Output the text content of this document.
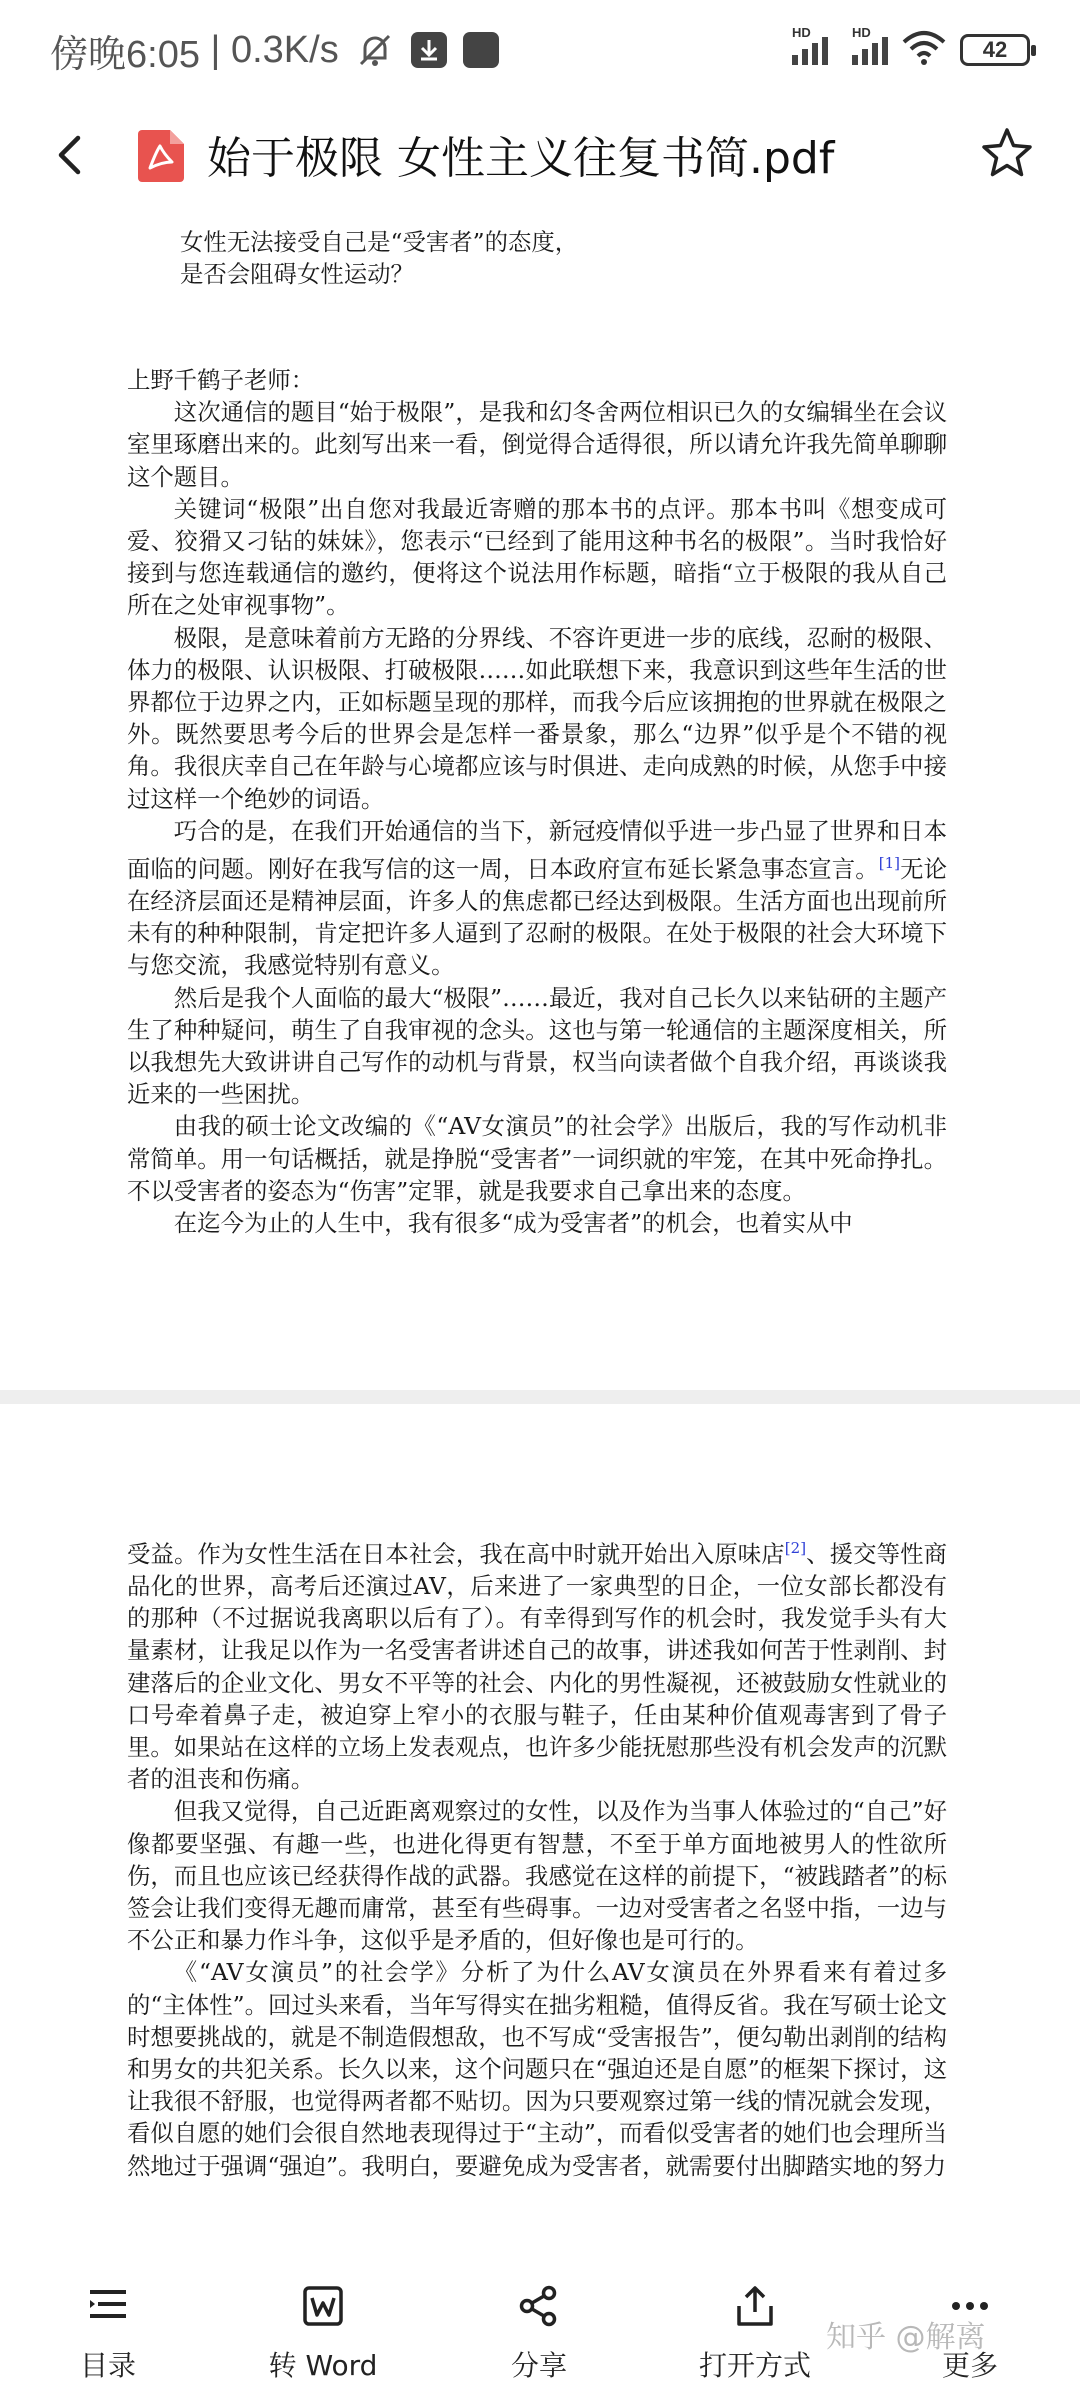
傍晚6:05 | 0.3K/s	HD	HD
42
始于极限 女性主义往复书简.pdf
女性无法接受自己是“受害者”的态度，
是否会阻碍女性运动？

上野千鹤子老师：

这次通信的题目“始于极限”，是我和幻冬舍两位相识已久的女编辑坐在会议室里琢磨出来的。此刻写出来一看，倒觉得合适得很，所以请允许我先简单聊聊这个题目。

关键词“极限”出自您对我最近寄赠的那本书的点评。那本书叫《想变成可爱、狡猾又刁钻的妹妹》，您表示“已经到了能用这种书名的极限”。当时我恰好接到与您连载通信的邀约，便将这个说法用作标题，暗指“立于极限的我从自己所在之处审视事物”。

极限，是意味着前方无路的分界线、不容许更进一步的底线，忍耐的极限、体力的极限、认识极限、打破极限……如此联想下来，我意识到这些年生活的世界都位于边界之内，正如标题呈现的那样，而我今后应该拥抱的世界就在极限之外。既然要思考今后的世界会是怎样一番景象，那么“边界”似乎是个不错的视角。我很庆幸自己在年龄与心境都应该与时俱进、走向成熟的时候，从您手中接过这样一个绝妙的词语。

巧合的是，在我们开始通信的当下，新冠疫情似乎进一步凸显了世界和日本面临的问题。刚好在我写信的这一周，日本政府宣布延长紧急事态宣言。[1]无论在经济层面还是精神层面，许多人的焦虑都已经达到极限。生活方面也出现前所未有的种种限制，肯定把许多人逼到了忍耐的极限。在处于极限的社会大环境下与您交流，我感觉特别有意义。

然后是我个人面临的最大“极限”……最近，我对自己长久以来钻研的主题产生了种种疑问，萌生了自我审视的念头。这也与第一轮通信的主题深度相关，所以我想先大致讲讲自己写作的动机与背景，权当向读者做个自我介绍，再谈谈我近来的一些困扰。

由我的硕士论文改编的《“AV女演员”的社会学》出版后，我的写作动机非常简单。用一句话概括，就是挣脱“受害者”一词织就的牢笼，在其中死命挣扎。不以受害者的姿态为“伤害”定罪，就是我要求自己拿出来的态度。

在迄今为止的人生中，我有很多“成为受害者”的机会，也着实从中

受益。作为女性生活在日本社会，我在高中时就开始出入原味店[2]、援交等性商品化的世界，高考后还演过AV，后来进了一家典型的日企，一位女部长都没有的那种（不过据说我离职以后有了）。有幸得到写作的机会时，我发觉手头有大量素材，让我足以作为一名受害者讲述自己的故事，讲述我如何苦于性剥削、封建落后的企业文化、男女不平等的社会、内化的男性凝视，还被鼓励女性就业的口号牵着鼻子走，被迫穿上窄小的衣服与鞋子，任由某种价值观毒害到了骨子里。如果站在这样的立场上发表观点，也许多少能抚慰那些没有机会发声的沉默者的沮丧和伤痛。

但我又觉得，自己近距离观察过的女性，以及作为当事人体验过的“自己”好像都要坚强、有趣一些，也进化得更有智慧，不至于单方面地被男人的性欲所伤，而且也应该已经获得作战的武器。我感觉在这样的前提下，“被践踏者”的标签会让我们变得无趣而庸常，甚至有些碍事。一边对受害者之名竖中指，一边与不公正和暴力作斗争，这似乎是矛盾的，但好像也是可行的。

《“AV女演员”的社会学》分析了为什么AV女演员在外界看来有着过多的“主体性”。回过头来看，当年写得实在拙劣粗糙，值得反省。我在写硕士论文时想要挑战的，就是不制造假想敌，也不写成“受害报告”，便勾勒出剥削的结构和男女的共犯关系。长久以来，这个问题只在“强迫还是自愿”的框架下探讨，这让我很不舒服，也觉得两者都不贴切。因为只要观察过第一线的情况就会发现，看似自愿的她们会很自然地表现得过于“主动”，而看似受害者的她们也会理所当然地过于强调“强迫”。我明白，要避免成为受害者，就需要付出脚踏实地的努力

目录	转 Word	分享	打开方式	更多
知乎 @解离
